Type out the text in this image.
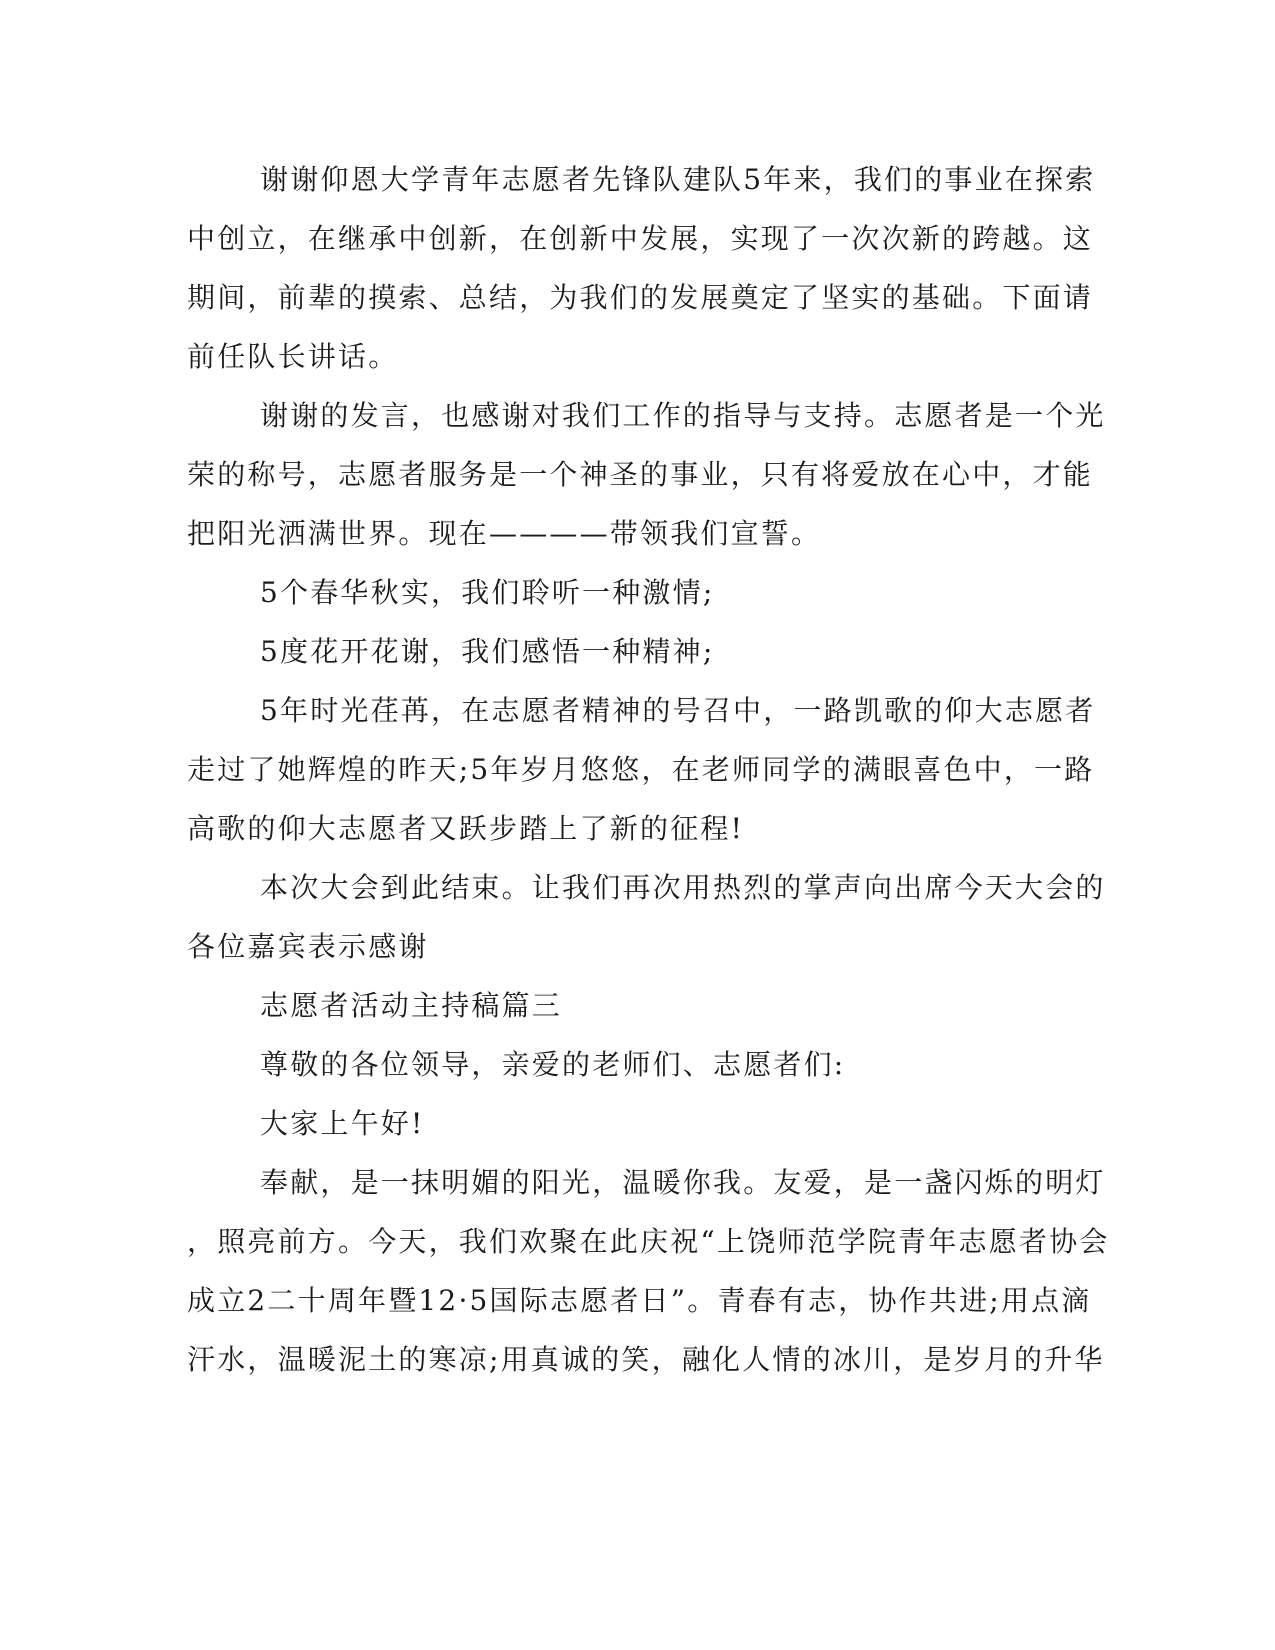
谢谢仰恩大学青年志愿者先锋队建队5年来，我们的事业在探索
中创立，在继承中创新，在创新中发展，实现了一次次新的跨越。这
期间，前辈的摸索、总结，为我们的发展奠定了坚实的基础。下面请
前任队长讲话。
谢谢的发言，也感谢对我们工作的指导与支持。志愿者是一个光
荣的称号，志愿者服务是一个神圣的事业，只有将爱放在心中，才能
把阳光洒满世界。现在————带领我们宣誓。
5个春华秋实，我们聆听一种激情;
5度花开花谢，我们感悟一种精神;
5年时光荏苒，在志愿者精神的号召中，一路凯歌的仰大志愿者
走过了她辉煌的昨天;5年岁月悠悠，在老师同学的满眼喜色中，一路
高歌的仰大志愿者又跃步踏上了新的征程!
本次大会到此结束。让我们再次用热烈的掌声向出席今天大会的
各位嘉宾表示感谢
志愿者活动主持稿篇三
尊敬的各位领导，亲爱的老师们、志愿者们:
大家上午好!
奉献，是一抹明媚的阳光，温暖你我。友爱，是一盏闪烁的明灯
，照亮前方。今天，我们欢聚在此庆祝“上饶师范学院青年志愿者协会
成立2二十周年暨12·5国际志愿者日”。青春有志，协作共进;用点滴
汗水，温暖泥土的寒凉;用真诚的笑，融化人情的冰川，是岁月的升华
